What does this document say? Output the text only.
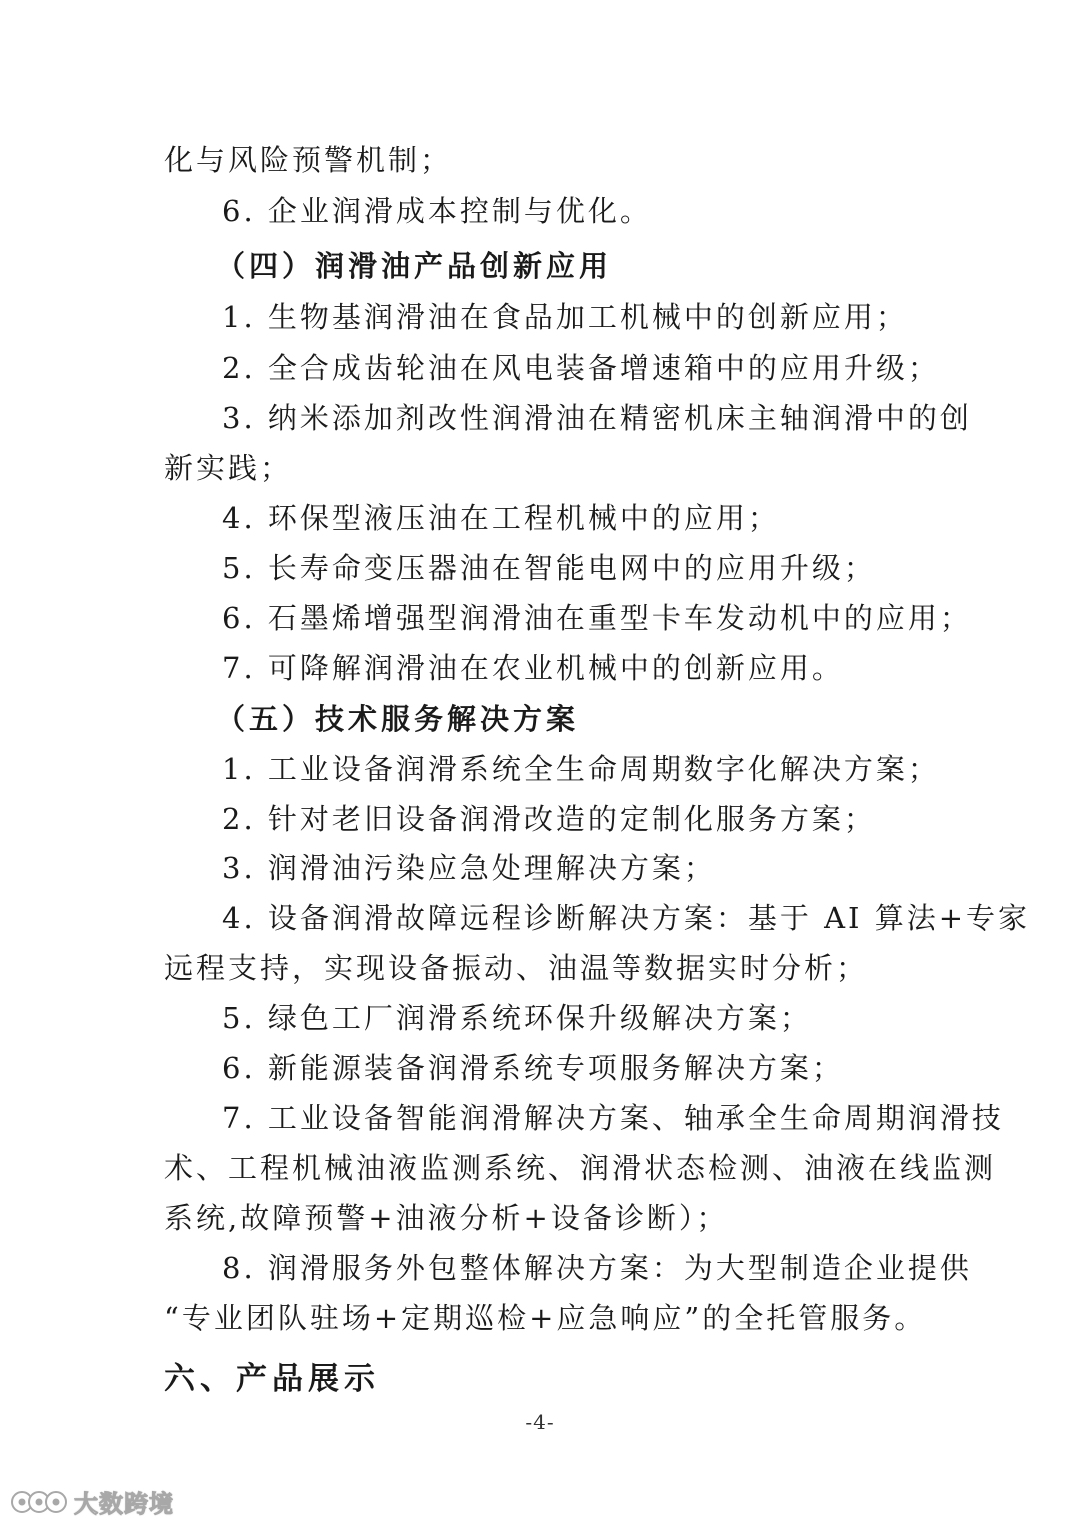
化与风险预警机制；
6. 企业润滑成本控制与优化。
（四）润滑油产品创新应用
1. 生物基润滑油在食品加工机械中的创新应用；
2. 全合成齿轮油在风电装备增速箱中的应用升级；
3. 纳米添加剂改性润滑油在精密机床主轴润滑中的创
新实践；
4. 环保型液压油在工程机械中的应用；
5. 长寿命变压器油在智能电网中的应用升级；
6. 石墨烯增强型润滑油在重型卡车发动机中的应用；
7. 可降解润滑油在农业机械中的创新应用。
（五）技术服务解决方案
1. 工业设备润滑系统全生命周期数字化解决方案；
2. 针对老旧设备润滑改造的定制化服务方案；
3. 润滑油污染应急处理解决方案；
4. 设备润滑故障远程诊断解决方案：基于 AI 算法+专家
远程支持，实现设备振动、油温等数据实时分析；
5. 绿色工厂润滑系统环保升级解决方案；
6. 新能源装备润滑系统专项服务解决方案；
7. 工业设备智能润滑解决方案、轴承全生命周期润滑技
术、工程机械油液监测系统、润滑状态检测、油液在线监测
系统,故障预警+油液分析+设备诊断）；
8. 润滑服务外包整体解决方案：为大型制造企业提供
“专业团队驻场+定期巡检+应急响应”的全托管服务。
六、产品展示
-4-
大数跨境
